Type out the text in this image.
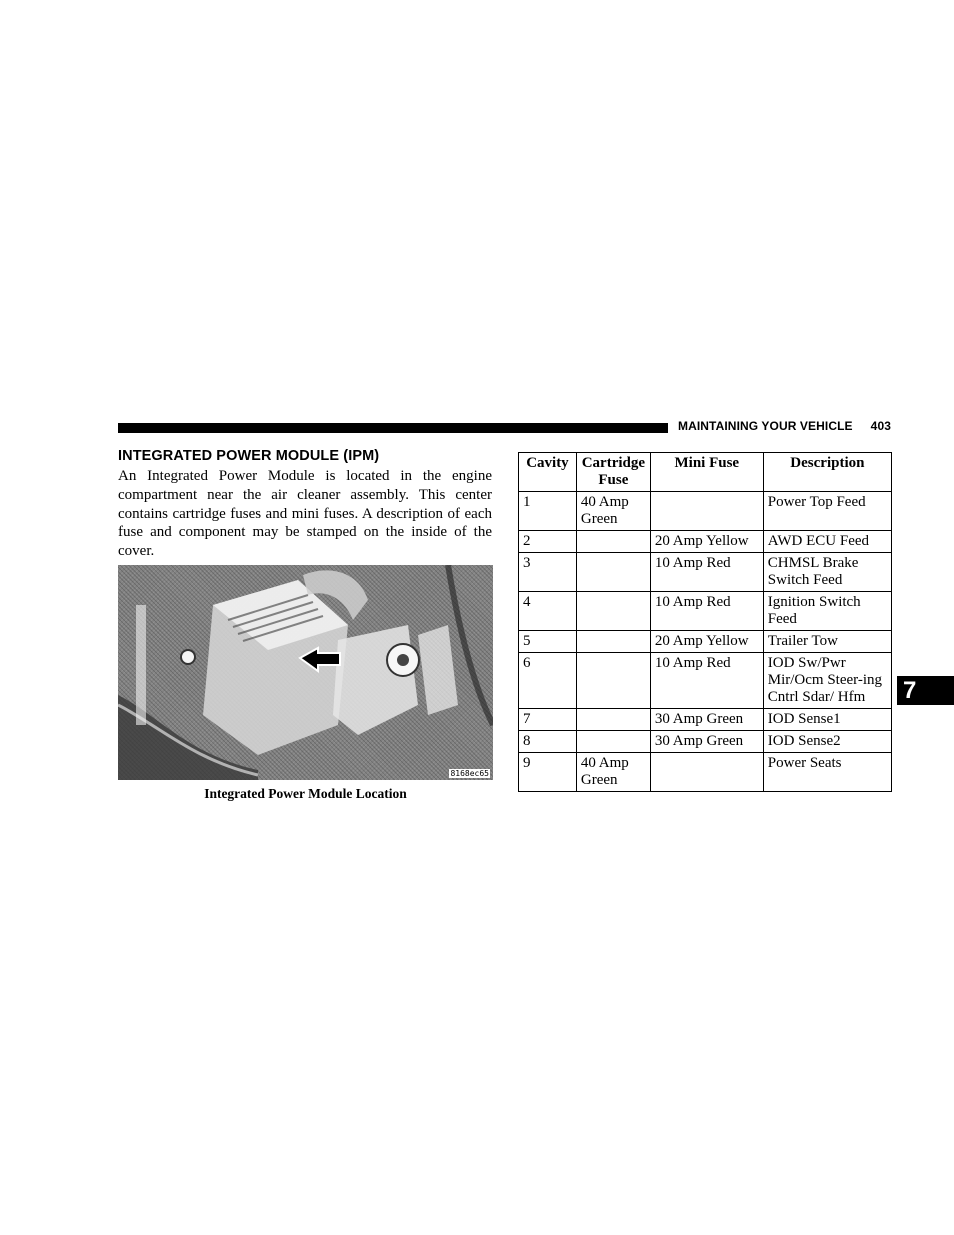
MAINTAINING YOUR VEHICLE 403
INTEGRATED POWER MODULE (IPM)

An Integrated Power Module is located in the engine compartment near the air cleaner assembly. This center contains cartridge fuses and mini fuses. A description of each fuse and component may be stamped on the inside of the cover.

8168ec65
Integrated Power Module Location
Cavity	Cartridge Fuse	Mini Fuse	Description
1	40 Amp Green		Power Top Feed
2		20 Amp Yellow	AWD ECU Feed
3		10 Amp Red	CHMSL Brake Switch Feed
4		10 Amp Red	Ignition Switch Feed
5		20 Amp Yellow	Trailer Tow
6		10 Amp Red	IOD Sw/Pwr Mir/Ocm Steer-ing Cntrl Sdar/ Hfm
7		30 Amp Green	IOD Sense1
8		30 Amp Green	IOD Sense2
9	40 Amp Green		Power Seats
7
